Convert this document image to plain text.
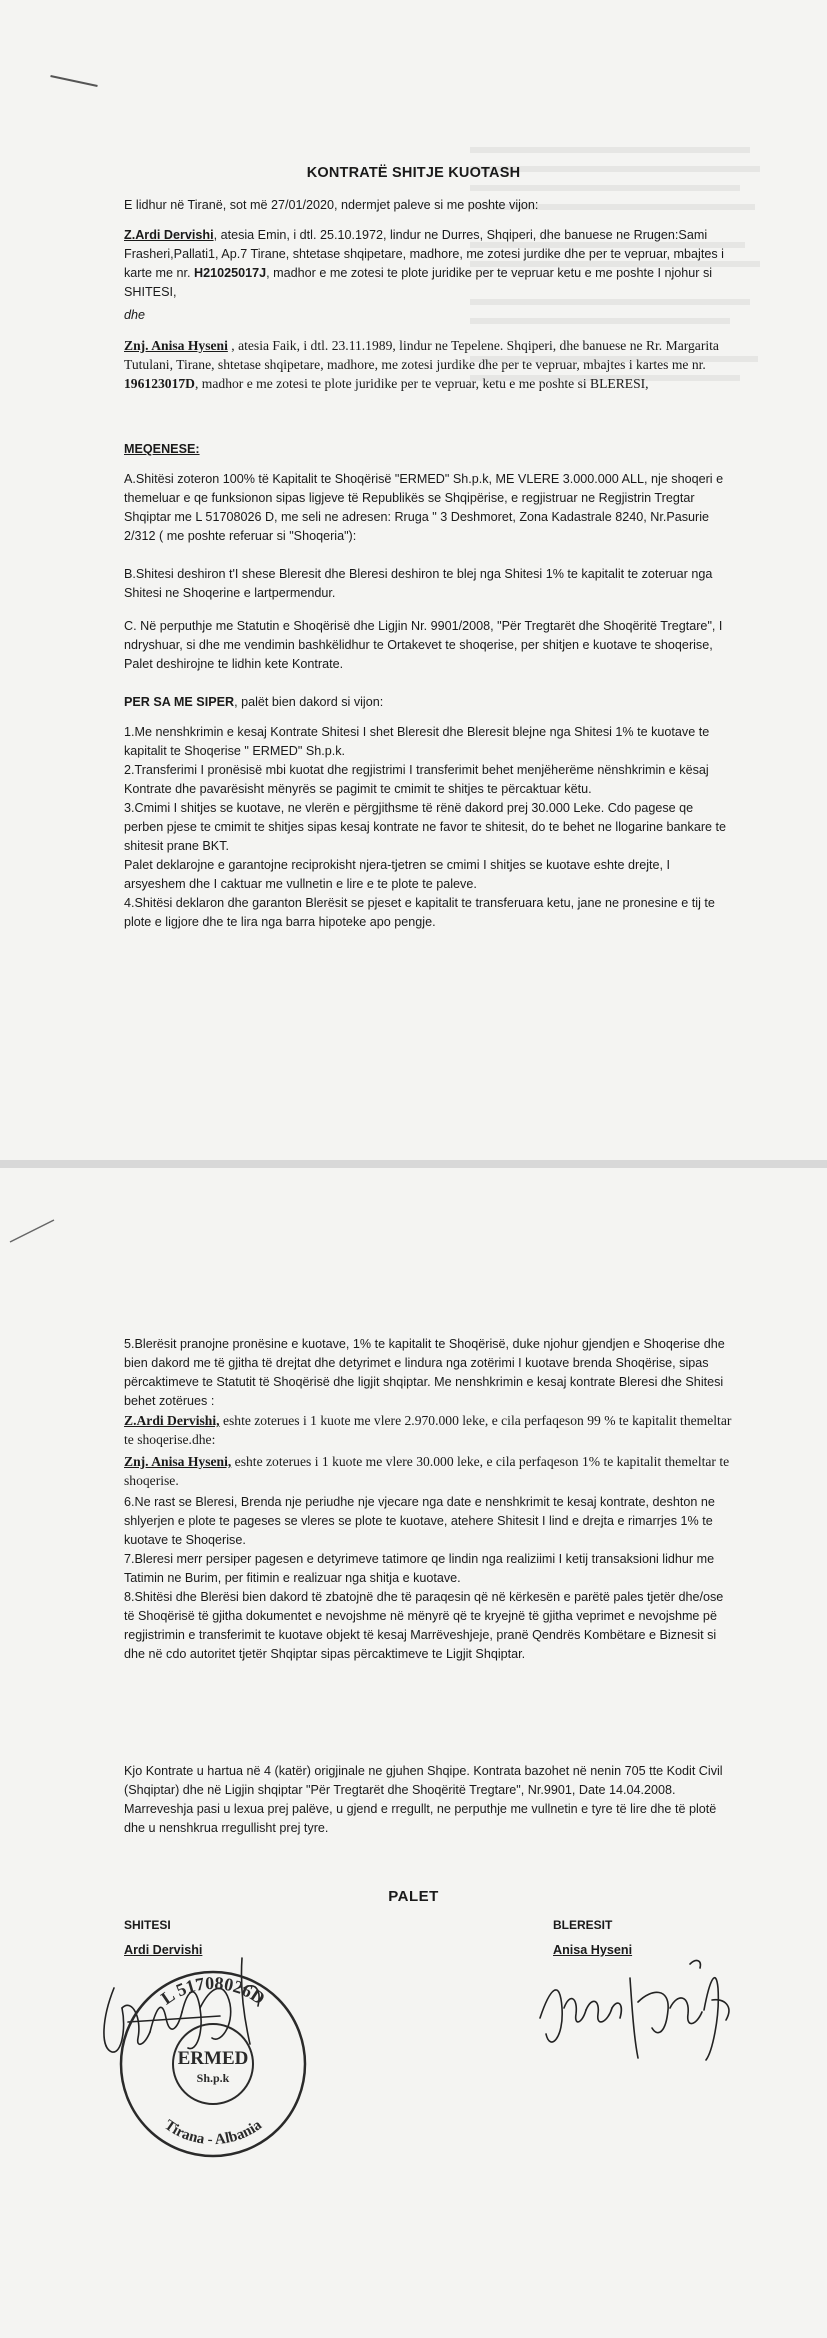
KONTRATË SHITJE KUOTASH

E lidhur në Tiranë, sot më 27/01/2020, ndermjet paleve si me poshte vijon:

Z.Ardi Dervishi, atesia Emin, i dtl. 25.10.1972, lindur ne Durres, Shqiperi, dhe banuese ne Rrugen:Sami Frasheri,Pallati1, Ap.7 Tirane, shtetase shqipetare, madhore, me zotesi jurdike dhe per te vepruar, mbajtes i karte me nr. H21025017J, madhor e me zotesi te plote juridike per te vepruar ketu e me poshte I njohur si SHITESI,

dhe

Znj. Anisa Hyseni , atesia Faik, i dtl. 23.11.1989, lindur ne Tepelene. Shqiperi, dhe banuese ne Rr. Margarita Tutulani, Tirane, shtetase shqipetare, madhore, me zotesi jurdike dhe per te vepruar, mbajtes i kartes me nr. 196123017D, madhor e me zotesi te plote juridike per te vepruar, ketu e me poshte si BLERESI,

MEQENESE:

A.Shitësi zoteron 100% të Kapitalit te Shoqërisë "ERMED" Sh.p.k, ME VLERE 3.000.000 ALL, nje shoqeri e themeluar e qe funksionon sipas ligjeve të Republikës se Shqipërise, e regjistruar ne Regjistrin Tregtar Shqiptar me L 51708026 D, me seli ne adresen: Rruga " 3 Deshmoret, Zona Kadastrale 8240, Nr.Pasurie 2/312 ( me poshte referuar si "Shoqeria"):

B.Shitesi deshiron t'I shese Bleresit dhe Bleresi deshiron te blej nga Shitesi 1% te kapitalit te zoteruar nga Shitesi ne Shoqerine e lartpermendur.

C. Në perputhje me Statutin e Shoqërisë dhe Ligjin Nr. 9901/2008, "Për Tregtarët dhe Shoqëritë Tregtare", I ndryshuar, si dhe me vendimin bashkëlidhur te Ortakevet te shoqerise, per shitjen e kuotave te shoqerise, Palet deshirojne te lidhin kete Kontrate.

PER SA ME SIPER, palët bien dakord si vijon:

1.Me nenshkrimin e kesaj Kontrate Shitesi I shet Bleresit dhe Bleresit blejne nga Shitesi 1% te kuotave te kapitalit te Shoqerise " ERMED" Sh.p.k.

2.Transferimi I pronësisë mbi kuotat dhe regjistrimi I transferimit behet menjëherëme nënshkrimin e kësaj Kontrate dhe pavarësisht mënyrës se pagimit te cmimit te shitjes te përcaktuar këtu.

3.Cmimi I shitjes se kuotave, ne vlerën e përgjithsme të rënë dakord prej 30.000 Leke. Cdo pagese qe perben pjese te cmimit te shitjes sipas kesaj kontrate ne favor te shitesit, do te behet ne llogarine bankare te shitesit prane BKT.

Palet deklarojne e garantojne reciprokisht njera-tjetren se cmimi I shitjes se kuotave eshte drejte, I arsyeshem dhe I caktuar me vullnetin e lire e te plote te paleve.

4.Shitësi deklaron dhe garanton Blerësit se pjeset e kapitalit te transferuara ketu, jane ne pronesine e tij te plote e ligjore dhe te lira nga barra hipoteke apo pengje.

5.Blerësit pranojne pronësine e kuotave, 1% te kapitalit te Shoqërisë, duke njohur gjendjen e Shoqerise dhe bien dakord me të gjitha të drejtat dhe detyrimet e lindura nga zotërimi I kuotave brenda Shoqërise, sipas përcaktimeve te Statutit të Shoqërisë dhe ligjit shqiptar. Me nenshkrimin e kesaj kontrate Bleresi dhe Shitesi behet zotërues :

Z.Ardi Dervishi, eshte zoterues i 1 kuote me vlere 2.970.000 leke, e cila perfaqeson 99 % te kapitalit themeltar te shoqerise.dhe:

Znj. Anisa Hyseni, eshte zoterues i 1 kuote me vlere 30.000 leke, e cila perfaqeson 1% te kapitalit themeltar te shoqerise.

6.Ne rast se Bleresi, Brenda nje periudhe nje vjecare nga date e nenshkrimit te kesaj kontrate, deshton ne shlyerjen e plote te pageses se vleres se plote te kuotave, atehere Shitesit I lind e drejta e rimarrjes 1% te kuotave te Shoqerise.

7.Bleresi merr persiper pagesen e detyrimeve tatimore qe lindin nga realiziimi I ketij transaksioni lidhur me Tatimin ne Burim, per fitimin e realizuar nga shitja e kuotave.

8.Shitësi dhe Blerësi bien dakord të zbatojnë dhe të paraqesin që në kërkesën e parëtë pales tjetër dhe/ose të Shoqërisë të gjitha dokumentet e nevojshme në mënyrë që te kryejnë të gjitha veprimet e nevojshme pë regjistrimin e transferimit te kuotave objekt të kesaj Marrëveshjeje, pranë Qendrës Kombëtare e Biznesit si dhe në cdo autoritet tjetër Shqiptar sipas përcaktimeve te Ligjit Shqiptar.

Kjo Kontrate u hartua në 4 (katër) origjinale ne gjuhen Shqipe. Kontrata bazohet në nenin 705 tte Kodit Civil (Shqiptar) dhe në Ligjin shqiptar "Për Tregtarët dhe Shoqëritë Tregtare", Nr.9901, Date 14.04.2008. Marreveshja pasi u lexua prej palëve, u gjend e rregullt, ne perputhje me vullnetin e tyre të lire dhe të plotë dhe u nenshkrua rregullisht prej tyre.

PALET
SHITESI
Ardi Dervishi
BLERESIT
Anisa Hyseni
L 51708026D
Tirana - Albania
ERMED
Sh.p.k
